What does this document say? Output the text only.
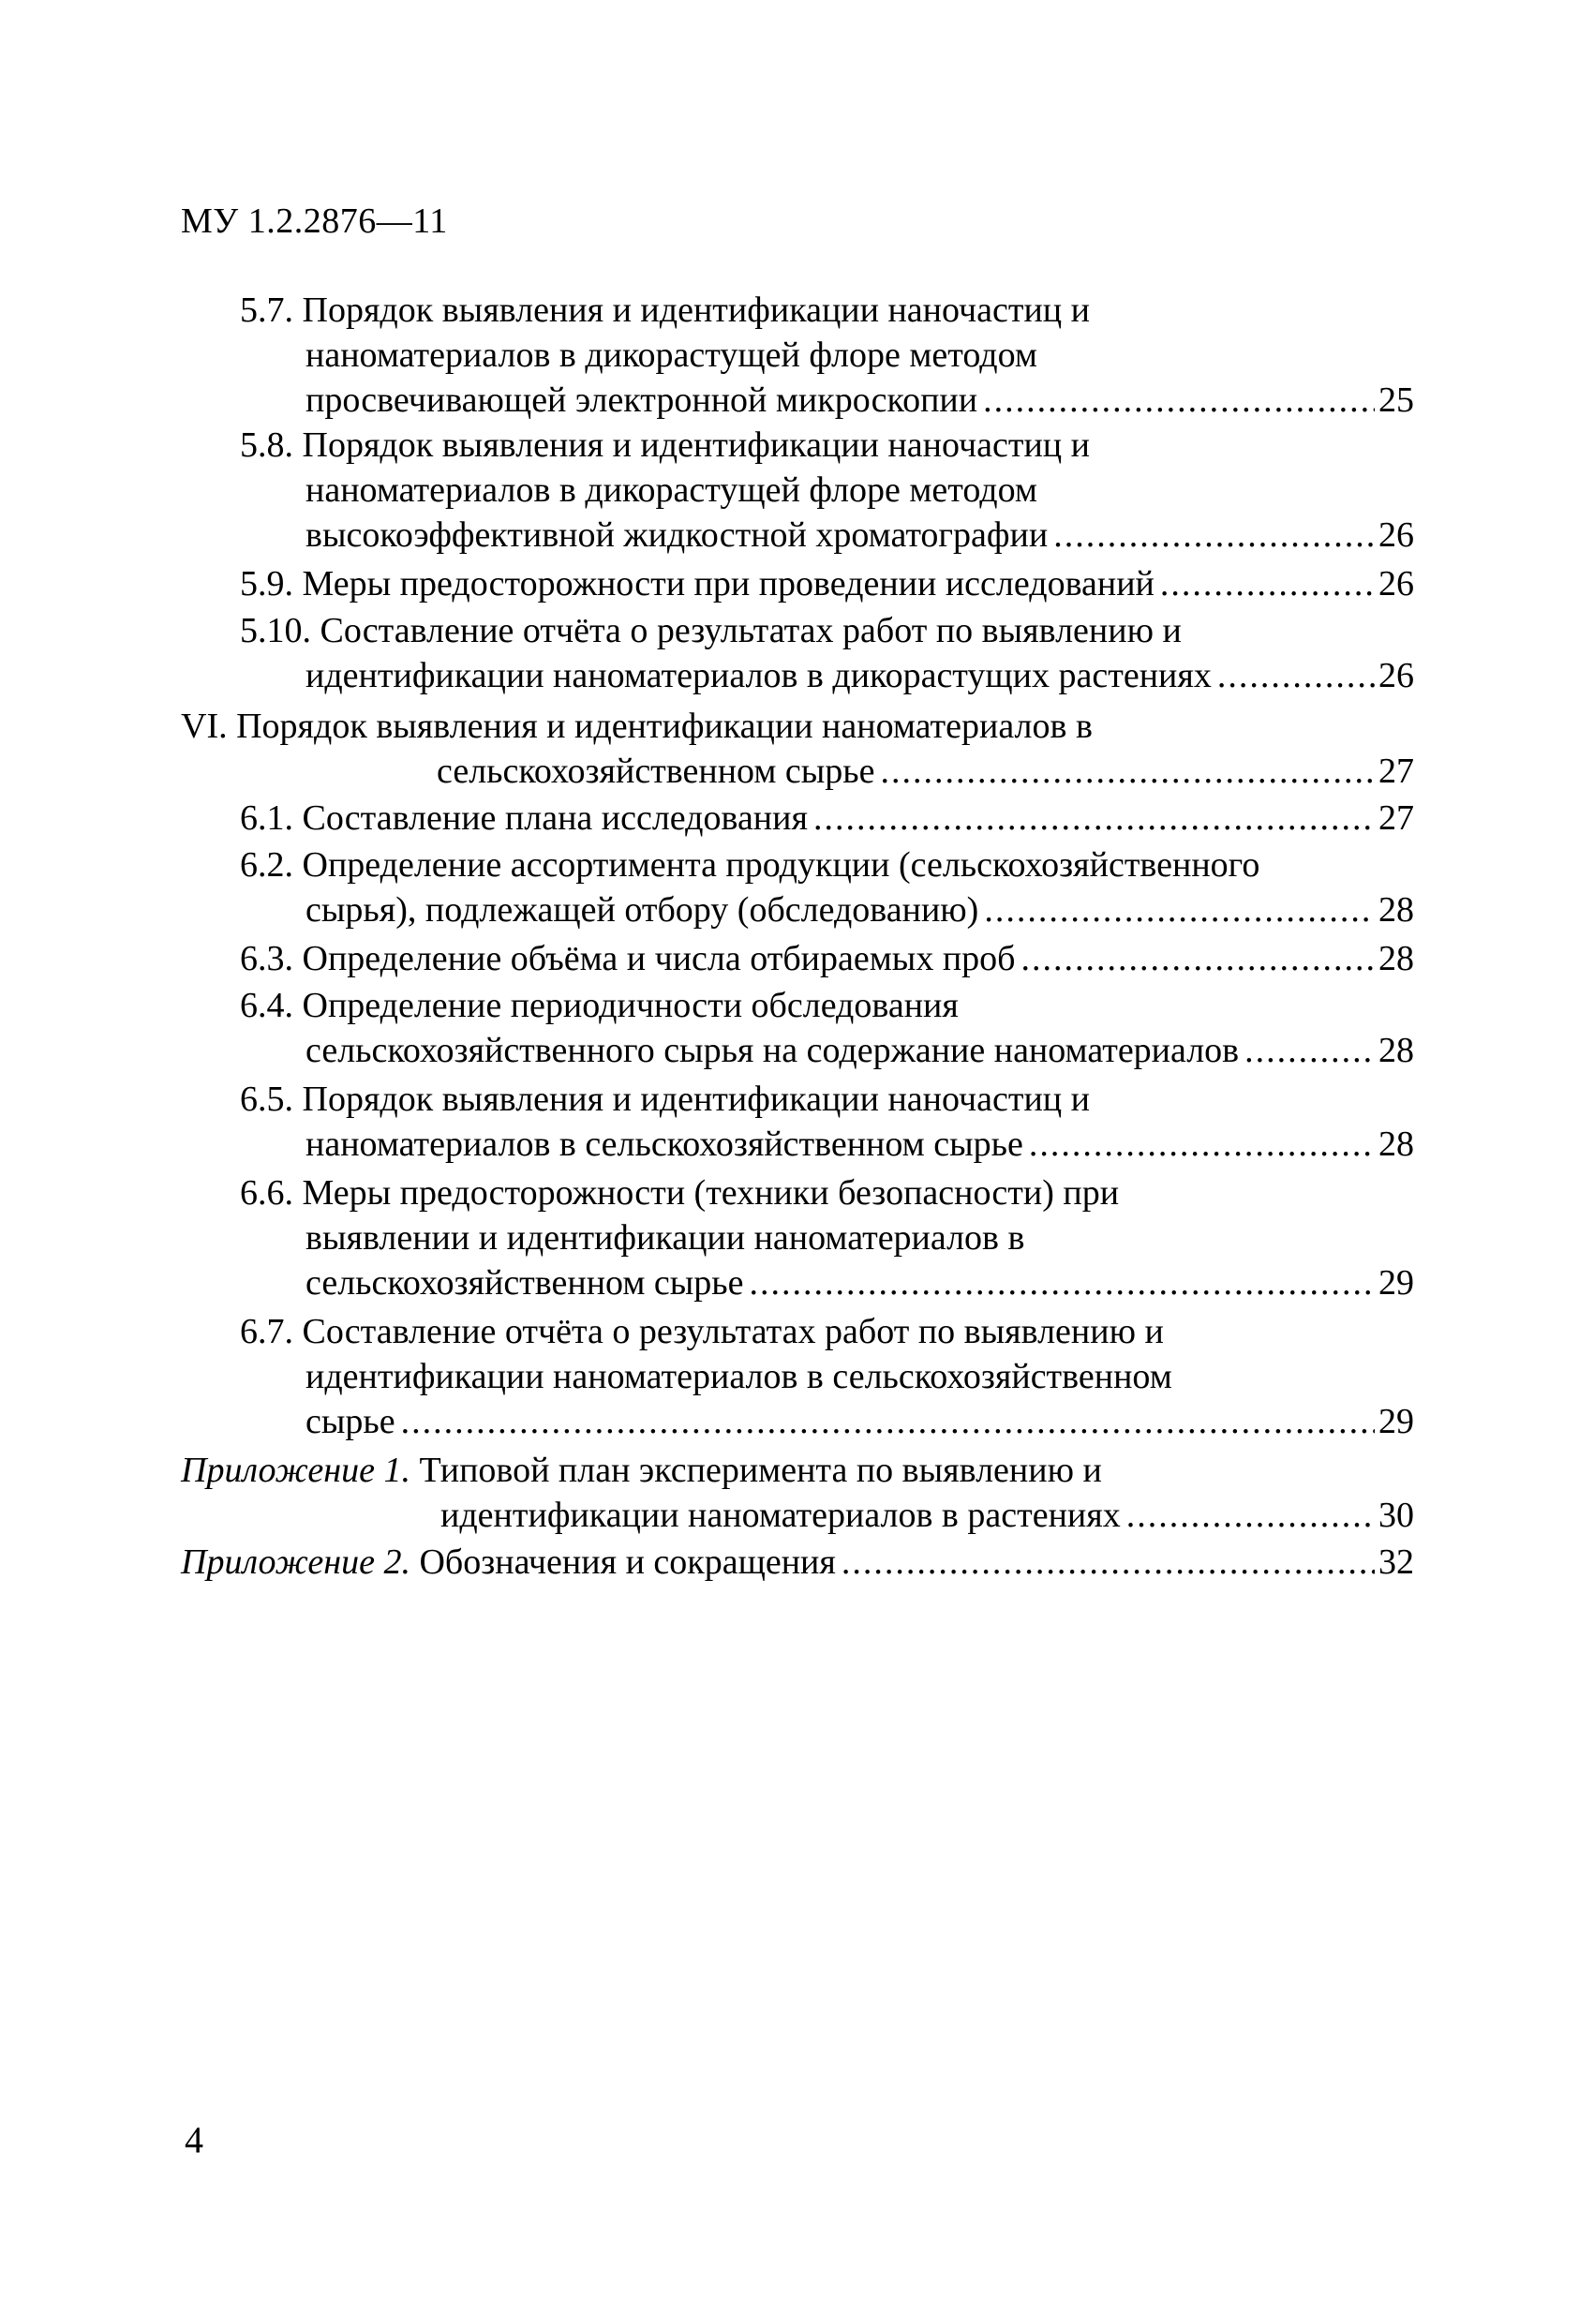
МУ 1.2.2876—11
5.7. Порядок выявления и идентификации наночастиц и
наноматериалов в дикорастущей флоре методом
просвечивающей электронной микроскопии .....	25
5.8. Порядок выявления и идентификации наночастиц и
наноматериалов в дикорастущей флоре методом
высокоэффективной жидкостной хроматографии .....	26
5.9. Меры предосторожности при проведении исследований .....	26
5.10. Составление отчёта о результатах работ по выявлению и
идентификации наноматериалов в дикорастущих растениях .....	26
VI. Порядок выявления и идентификации наноматериалов в
сельскохозяйственном сырье .....	27
6.1. Составление плана исследования .....	27
6.2. Определение ассортимента продукции (сельскохозяйственного
сырья), подлежащей отбору (обследованию) .....	28
6.3. Определение объёма и числа отбираемых проб .....	28
6.4. Определение периодичности обследования
сельскохозяйственного сырья на содержание наноматериалов .....	28
6.5. Порядок выявления и идентификации наночастиц и
наноматериалов в сельскохозяйственном сырье .....	28
6.6. Меры предосторожности (техники безопасности) при
выявлении и идентификации наноматериалов в
сельскохозяйственном сырье .....	29
6.7. Составление отчёта о результатах работ по выявлению и
идентификации наноматериалов в сельскохозяйственном
сырье .....	29
Приложение 1. Типовой план эксперимента по выявлению и
идентификации наноматериалов в растениях .....	30
Приложение 2. Обозначения и сокращения .....	32
4
